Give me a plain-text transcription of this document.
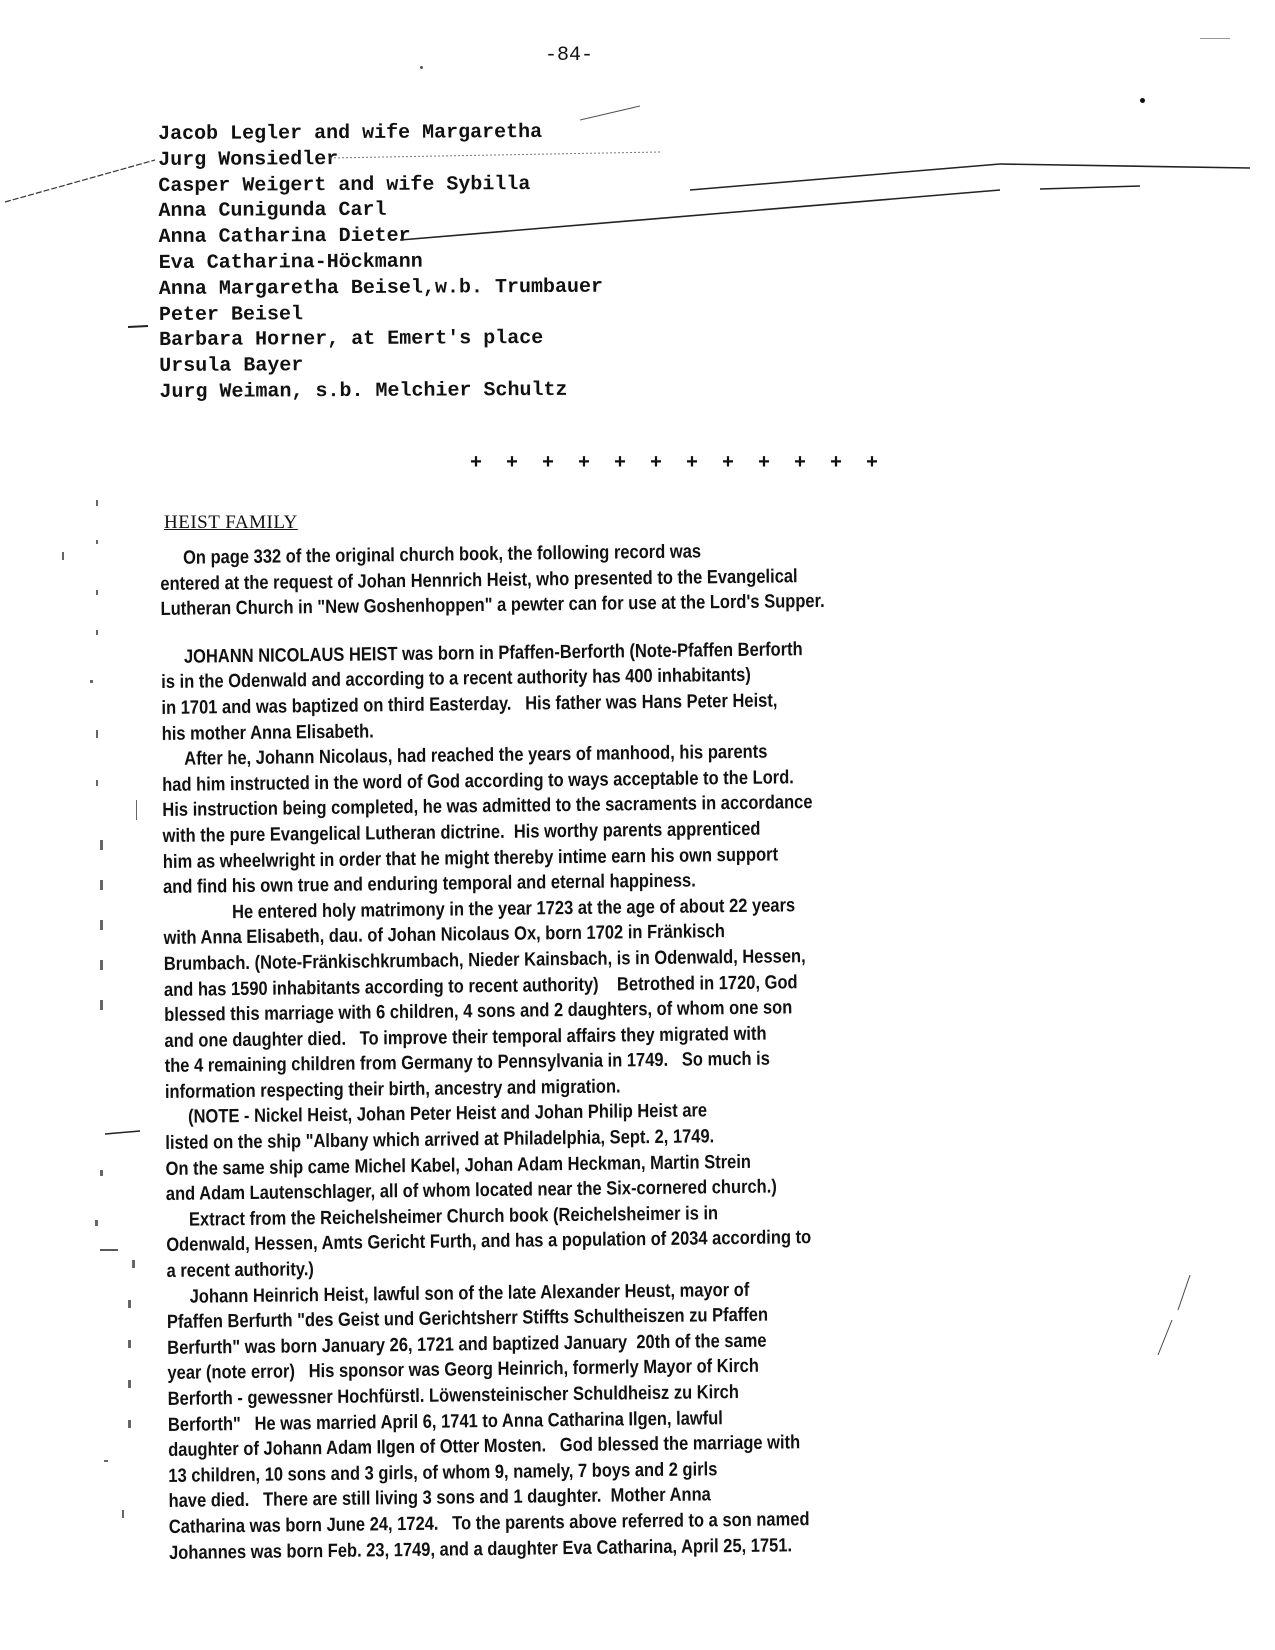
-84-
Jacob Legler and wife Margaretha
Jurg Wonsiedler
Casper Weigert and wife Sybilla
Anna Cunigunda Carl
Anna Catharina Dieter
Eva Catharina-Höckmann
Anna Margaretha Beisel,w.b. Trumbauer
Peter Beisel
Barbara Horner, at Emert's place
Ursula Bayer
Jurg Weiman, s.b. Melchier Schultz
+ + + + + + + + + + + +
HEIST FAMILY
On page 332 of the original church book, the following record was
entered at the request of Johan Hennrich Heist, who presented to the Evangelical
Lutheran Church in "New Goshenhoppen" a pewter can for use at the Lord's Supper.
JOHANN NICOLAUS HEIST was born in Pfaffen-Berforth (Note-Pfaffen Berforth
is in the Odenwald and according to a recent authority has 400 inhabitants)
in 1701 and was baptized on third Easterday.   His father was Hans Peter Heist,
his mother Anna Elisabeth.
After he, Johann Nicolaus, had reached the years of manhood, his parents
had him instructed in the word of God according to ways acceptable to the Lord.
His instruction being completed, he was admitted to the sacraments in accordance
with the pure Evangelical Lutheran dictrine.  His worthy parents apprenticed
him as wheelwright in order that he might thereby intime earn his own support
and find his own true and enduring temporal and eternal happiness.
He entered holy matrimony in the year 1723 at the age of about 22 years
with Anna Elisabeth, dau. of Johan Nicolaus Ox, born 1702 in Fränkisch
Brumbach. (Note-Fränkischkrumbach, Nieder Kainsbach, is in Odenwald, Hessen,
and has 1590 inhabitants according to recent authority)    Betrothed in 1720, God
blessed this marriage with 6 children, 4 sons and 2 daughters, of whom one son
and one daughter died.   To improve their temporal affairs they migrated with
the 4 remaining children from Germany to Pennsylvania in 1749.   So much is
information respecting their birth, ancestry and migration.
(NOTE - Nickel Heist, Johan Peter Heist and Johan Philip Heist are
listed on the ship "Albany which arrived at Philadelphia, Sept. 2, 1749.
On the same ship came Michel Kabel, Johan Adam Heckman, Martin Strein
and Adam Lautenschlager, all of whom located near the Six-cornered church.)
Extract from the Reichelsheimer Church book (Reichelsheimer is in
Odenwald, Hessen, Amts Gericht Furth, and has a population of 2034 according to
a recent authority.)
Johann Heinrich Heist, lawful son of the late Alexander Heust, mayor of
Pfaffen Berfurth "des Geist und Gerichtsherr Stiffts Schultheiszen zu Pfaffen
Berfurth" was born January 26, 1721 and baptized January  20th of the same
year (note error)   His sponsor was Georg Heinrich, formerly Mayor of Kirch
Berforth - gewessner Hochfürstl. Löwensteinischer Schuldheisz zu Kirch
Berforth"   He was married April 6, 1741 to Anna Catharina Ilgen, lawful
daughter of Johann Adam Ilgen of Otter Mosten.   God blessed the marriage with
13 children, 10 sons and 3 girls, of whom 9, namely, 7 boys and 2 girls
have died.   There are still living 3 sons and 1 daughter.  Mother Anna
Catharina was born June 24, 1724.   To the parents above referred to a son named
Johannes was born Feb. 23, 1749, and a daughter Eva Catharina, April 25, 1751.
